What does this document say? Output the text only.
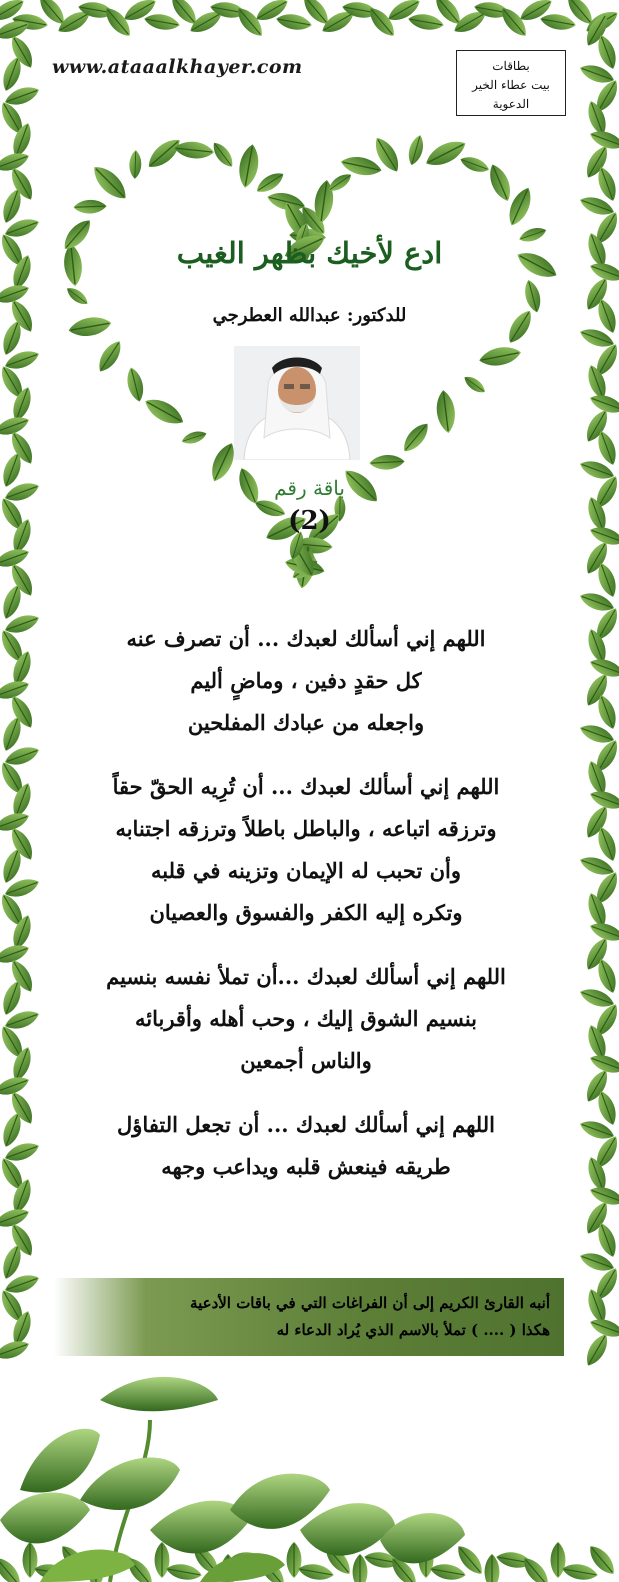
www.ataaalkhayer.com	بطاقات
بيت عطاء الخير
الدعوية
ادع لأخيك بظهر الغيب
للدكتور: عبدالله العطرجي
باقة رقم
(2)
اللهم إني أسألك لعبدك ... أن تصرف عنه
كل حقدٍ دفين ، وماضٍ أليم
واجعله من عبادك المفلحين
اللهم إني أسألك لعبدك ... أن تُرِيه الحقّ حقاً
وترزقه اتباعه ، والباطل باطلاً وترزقه اجتنابه
وأن تحبب له الإيمان وتزينه في قلبه
وتكره إليه الكفر والفسوق والعصيان
اللهم إني أسألك لعبدك ...أن تملأ نفسه بنسيم
بنسيم الشوق إليك ، وحب أهله وأقربائه
والناس أجمعين
اللهم إني أسألك لعبدك ... أن تجعل التفاؤل
طريقه فينعش قلبه ويداعب وجهه
أنبه القارئ الكريم إلى أن الفراغات التي في باقات الأدعية
هكذا ( .... ) تملأ بالاسم الذي يُراد الدعاء له
